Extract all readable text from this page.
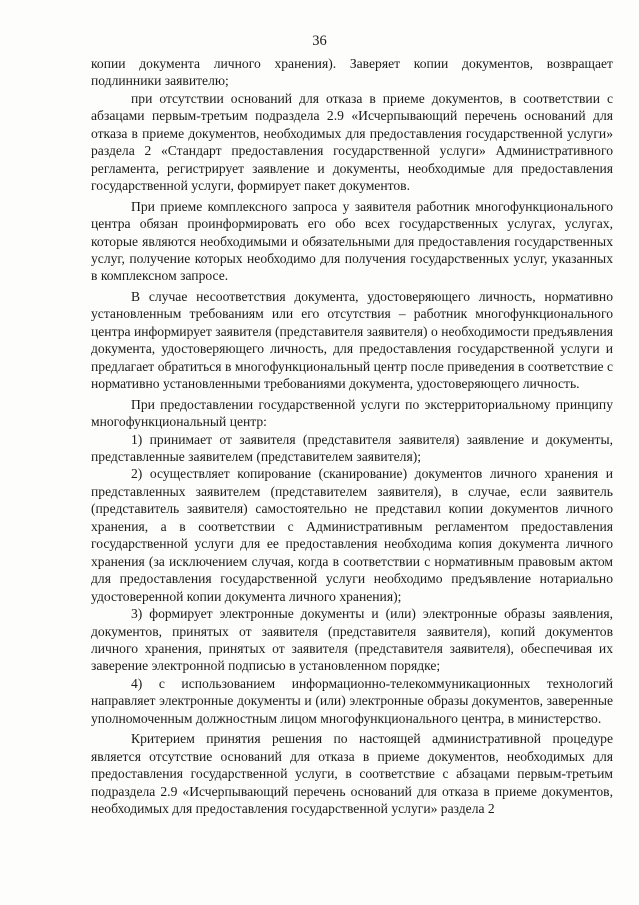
36

копии документа личного хранения). Заверяет копии документов, возвращает подлинники заявителю;

при отсутствии оснований для отказа в приеме документов, в соответствии с абзацами первым-третьим подраздела 2.9 «Исчерпывающий перечень оснований для отказа в приеме документов, необходимых для предоставления государственной услуги» раздела 2 «Стандарт предоставления государственной услуги» Административного регламента, регистрирует заявление и документы, необходимые для предоставления государственной услуги, формирует пакет документов.

При приеме комплексного запроса у заявителя работник многофункционального центра обязан проинформировать его обо всех государственных услугах, услугах, которые являются необходимыми и обязательными для предоставления государственных услуг, получение которых необходимо для получения государственных услуг, указанных в комплексном запросе.

В случае несоответствия документа, удостоверяющего личность, нормативно установленным требованиям или его отсутствия – работник многофункционального центра информирует заявителя (представителя заявителя) о необходимости предъявления документа, удостоверяющего личность, для предоставления государственной услуги и предлагает обратиться в многофункциональный центр после приведения в соответствие с нормативно установленными требованиями документа, удостоверяющего личность.

При предоставлении государственной услуги по экстерриториальному принципу многофункциональный центр:

1) принимает от заявителя (представителя заявителя) заявление и документы, представленные заявителем (представителем заявителя);

2) осуществляет копирование (сканирование) документов личного хранения и представленных заявителем (представителем заявителя), в случае, если заявитель (представитель заявителя) самостоятельно не представил копии документов личного хранения, а в соответствии с Административным регламентом предоставления государственной услуги для ее предоставления необходима копия документа личного хранения (за исключением случая, когда в соответствии с нормативным правовым актом для предоставления государственной услуги необходимо предъявление нотариально удостоверенной копии документа личного хранения);

3) формирует электронные документы и (или) электронные образы заявления, документов, принятых от заявителя (представителя заявителя), копий документов личного хранения, принятых от заявителя (представителя заявителя), обеспечивая их заверение электронной подписью в установленном порядке;

4) с использованием информационно-телекоммуникационных технологий направляет электронные документы и (или) электронные образы документов, заверенные уполномоченным должностным лицом многофункционального центра, в министерство.

Критерием принятия решения по настоящей административной процедуре является отсутствие оснований для отказа в приеме документов, необходимых для предоставления государственной услуги, в соответствие с абзацами первым-третьим подраздела 2.9 «Исчерпывающий перечень оснований для отказа в приеме документов, необходимых для предоставления государственной услуги» раздела 2
